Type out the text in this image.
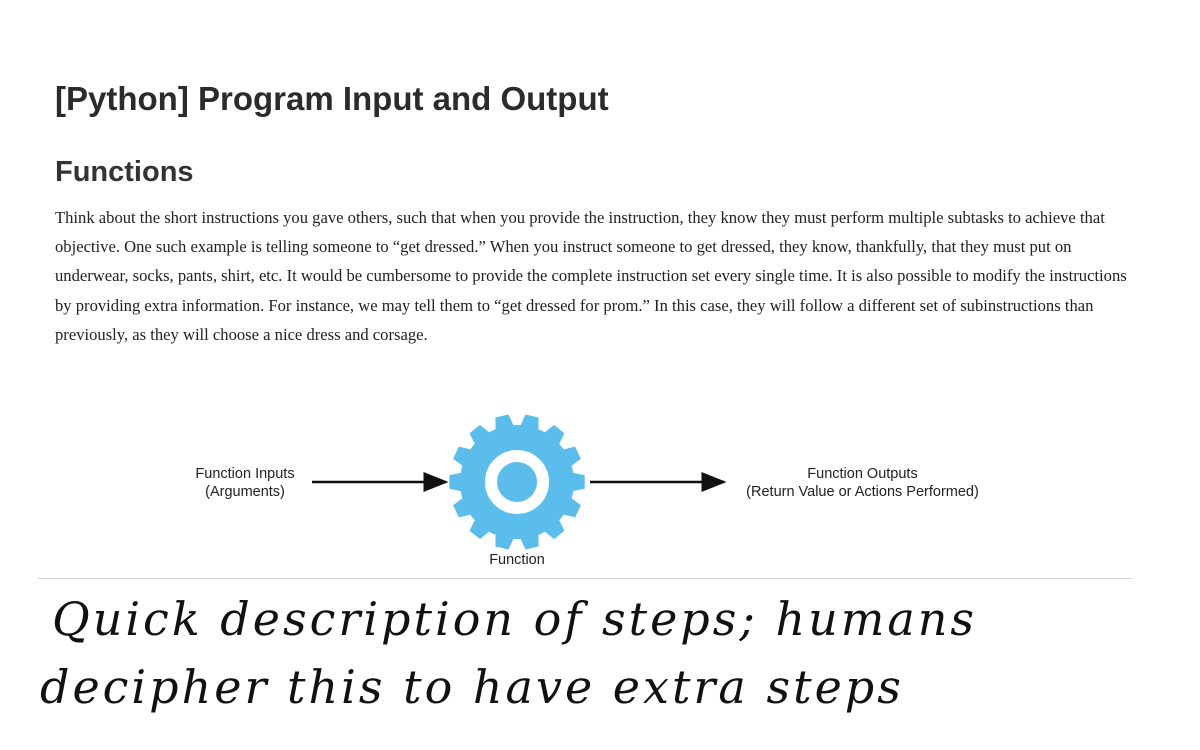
[Python] Program Input and Output
Functions

Think about the short instructions you gave others, such that when you provide the instruction, they know they must perform multiple subtasks to achieve that objective. One such example is telling someone to “get dressed.” When you instruct someone to get dressed, they know, thankfully, that they must put on underwear, socks, pants, shirt, etc. It would be cumbersome to provide the complete instruction set every single time. It is also possible to modify the instructions by providing extra information. For instance, we may tell them to “get dressed for prom.” In this case, they will follow a different set of subinstructions than previously, as they will choose a nice dress and corsage.

Function Inputs
(Arguments)
Function Outputs
(Return Value or Actions Performed)
Function
Quick description of steps; humans
decipher this to have extra steps
